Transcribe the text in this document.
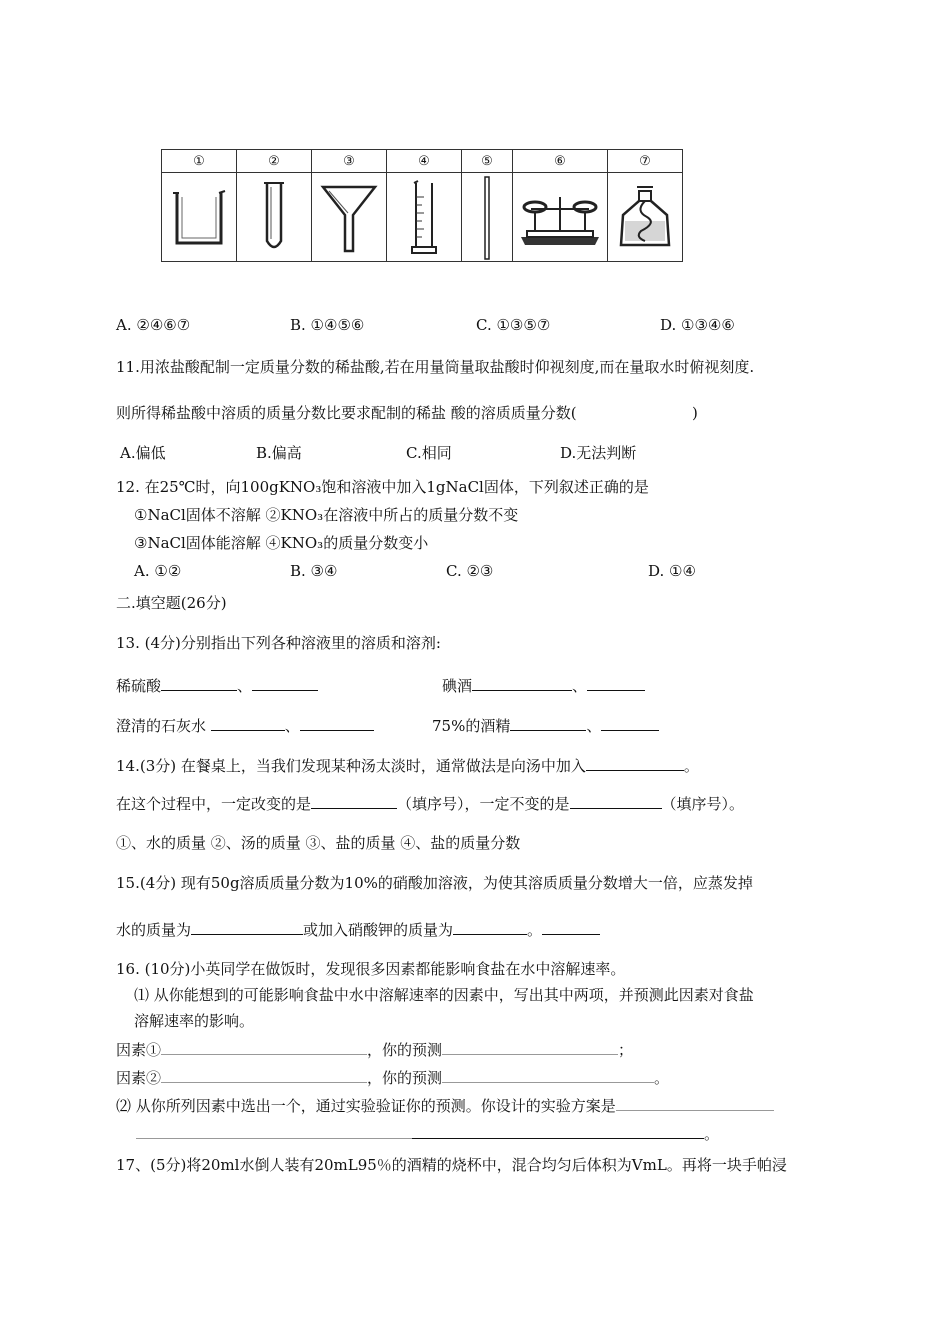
①	②	③	④	⑤	⑥	⑦

A. ②④⑥⑦	B. ①④⑤⑥	C. ①③⑤⑦	D. ①③④⑥
11.用浓盐酸配制一定质量分数的稀盐酸,若在用量筒量取盐酸时仰视刻度,而在量取水时俯视刻度.
则所得稀盐酸中溶质的质量分数比要求配制的稀盐 酸的溶质质量分数(	)
A.偏低	B.偏高	C.相同	D.无法判断
12. 在25℃时，向100gKNO₃饱和溶液中加入1gNaCl固体，下列叙述正确的是
①NaCl固体不溶解 ②KNO₃在溶液中所占的质量分数不变
③NaCl固体能溶解 ④KNO₃的质量分数变小
A. ①②	B. ③④	C. ②③	D. ①④
二.填空题(26分)
13. (4分)分别指出下列各种溶液里的溶质和溶剂:
稀硫酸	、	碘酒	、
澄清的石灰水	、	75%的酒精	、
14.(3分) 在餐桌上，当我们发现某种汤太淡时，通常做法是向汤中加入	。
在这个过程中，一定改变的是	（填序号），一定不变的是	（填序号）。
①、水的质量 ②、汤的质量 ③、盐的质量 ④、盐的质量分数
15.(4分) 现有50g溶质质量分数为10%的硝酸加溶液，为使其溶质质量分数增大一倍，应蒸发掉
水的质量为	或加入硝酸钾的质量为	。
16. (10分)小英同学在做饭时，发现很多因素都能影响食盐在水中溶解速率。
⑴ 从你能想到的可能影响食盐中水中溶解速率的因素中，写出其中两项，并预测此因素对食盐
溶解速率的影响。
因素①	，你的预测	；
因素②	，你的预测	。
⑵ 从你所列因素中选出一个，通过实验验证你的预测。你设计的实验方案是
。
17、(5分)将20ml水倒人装有20mL95％的酒精的烧杯中，混合均匀后体积为VmL。再将一块手帕浸
